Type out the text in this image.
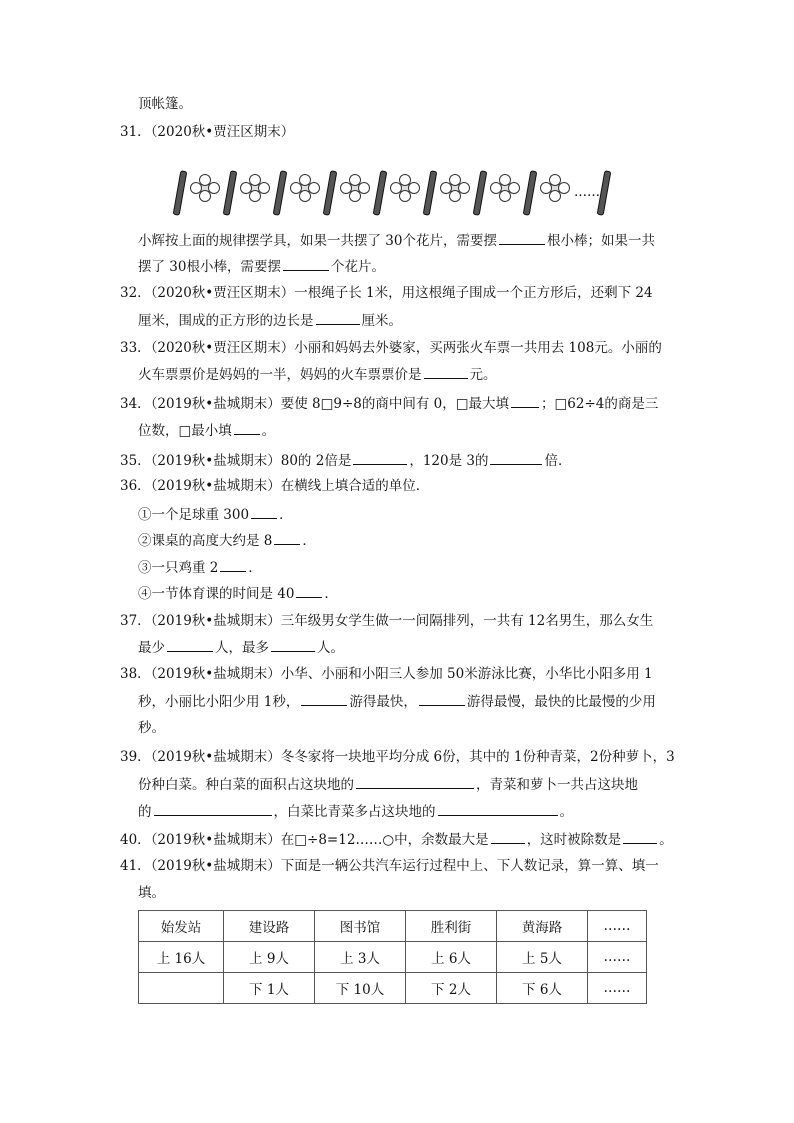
顶帐篷。
31．（2020秋•贾汪区期末）
……
小辉按上面的规律摆学具，如果一共摆了 30个花片，需要摆	根小棒；如果一共
摆了 30根小棒，需要摆	个花片。
32．（2020秋•贾汪区期末）一根绳子长 1米，用这根绳子围成一个正方形后，还剩下 24
厘米，围成的正方形的边长是	厘米。
33．（2020秋•贾汪区期末）小丽和妈妈去外婆家，买两张火车票一共用去 108元。小丽的
火车票票价是妈妈的一半，妈妈的火车票票价是	元。
34．（2019秋•盐城期末）要使 8□9÷8的商中间有 0，□最大填 ；□62÷4的商是三
位数，□最小填 。
35．（2019秋•盐城期末）80的 2倍是	，120是 3的	倍．
36．（2019秋•盐城期末）在横线上填合适的单位．
①一个足球重 300 ．
②课桌的高度大约是 8 ．
③一只鸡重 2 ．
④一节体育课的时间是 40 ．
37．（2019秋•盐城期末）三年级男女学生做一一间隔排列，一共有 12名男生，那么女生
最少	人，最多	人。
38．（2019秋•盐城期末）小华、小丽和小阳三人参加 50米游泳比赛，小华比小阳多用 1
秒，小丽比小阳少用 1秒，	游得最快，	游得最慢，最快的比最慢的少用
秒。
39．（2019秋•盐城期末）冬冬家将一块地平均分成 6份，其中的 1份种青菜，2份种萝卜，3
份种白菜。种白菜的面积占这块地的	，青菜和萝卜一共占这块地
的	，白菜比青菜多占这块地的	。
40．（2019秋•盐城期末）在□÷8=12……○中，余数最大是	，这时被除数是	。
41．（2019秋•盐城期末）下面是一辆公共汽车运行过程中上、下人数记录，算一算、填一
填。
始发站	建设路	图书馆	胜利街	黄海路	……
上 16人	上 9人	上 3人	上 6人	上 5人	……
	下 1人	下 10人	下 2人	下 6人	……
